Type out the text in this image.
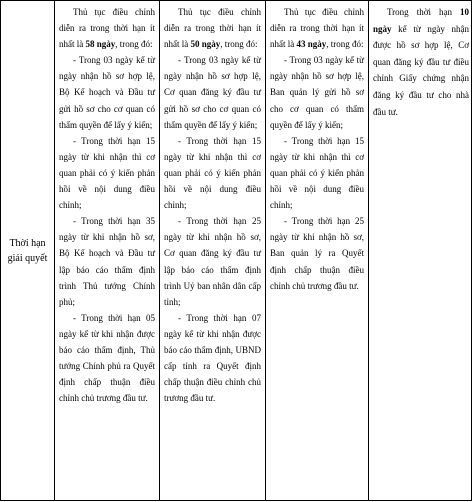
Thời hạn giải quyết

Thủ tục điều chỉnh diễn ra trong thời hạn ít nhất là 58 ngày, trong đó:

- Trong 03 ngày kể từ ngày nhận hồ sơ hợp lệ, Bộ Kế hoạch và Đầu tư gửi hồ sơ cho cơ quan có thẩm quyền để lấy ý kiến;

- Trong thời hạn 15 ngày từ khi nhận thì cơ quan phải có ý kiến phản hồi về nội dung điều chỉnh;

- Trong thời hạn 35 ngày từ khi nhận hồ sơ, Bộ Kế hoạch và Đầu tư lập báo cáo thẩm định trình Thủ tướng Chính phủ;

- Trong thời hạn 05 ngày kể từ khi nhận được báo cáo thẩm định, Thủ tướng Chính phủ ra Quyết định chấp thuận điều chỉnh chủ trương đầu tư.

Thủ tục điều chỉnh diễn ra trong thời hạn ít nhất là 50 ngày, trong đó:

- Trong 03 ngày kể từ ngày nhận hồ sơ hợp lệ, Cơ quan đăng ký đầu tư gửi hồ sơ cho cơ quan có thẩm quyền để lấy ý kiến;

- Trong thời hạn 15 ngày từ khi nhận thì cơ quan phải có ý kiến phản hồi về nội dung điều chỉnh;

- Trong thời hạn 25 ngày từ khi nhận hồ sơ, Cơ quan đăng ký đầu tư lập báo cáo thẩm định trình Uỷ ban nhân dân cấp tỉnh;

- Trong thời hạn 07 ngày kể từ khi nhận được báo cáo thẩm định, UBND cấp tỉnh ra Quyết định chấp thuận điều chỉnh chủ trương đầu tư.

Thủ tục điều chỉnh diễn ra trong thời hạn ít nhất là 43 ngày, trong đó:

- Trong 03 ngày kể từ ngày nhận hồ sơ hợp lệ, Ban quản lý gửi hồ sơ cho cơ quan có thẩm quyền để lấy ý kiến;

- Trong thời hạn 15 ngày từ khi nhận thì cơ quan phải có ý kiến phản hồi về nội dung điều chỉnh;

- Trong thời hạn 25 ngày từ khi nhận hồ sơ, Ban quản lý ra Quyết định chấp thuận điều chỉnh chủ trương đầu tư.

Trong thời hạn 10 ngày kể từ ngày nhận được hồ sơ hợp lệ, Cơ quan đăng ký đầu tư điều chỉnh Giấy chứng nhận đăng ký đầu tư cho nhà đầu tư.
